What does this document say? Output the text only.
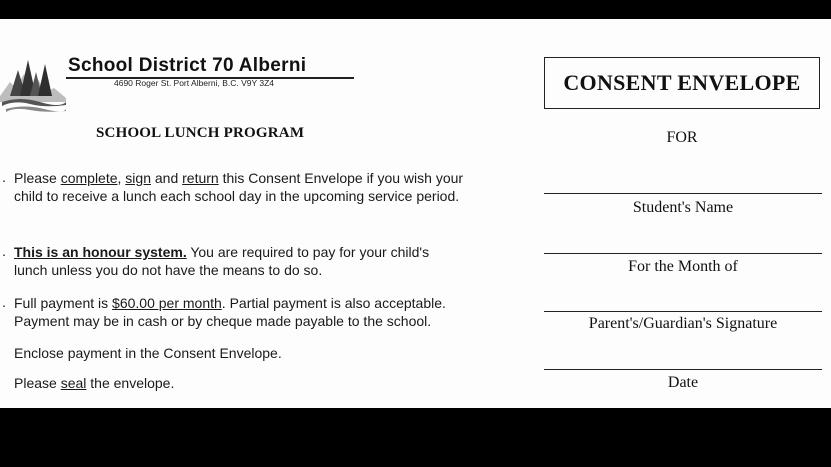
School District 70 Alberni
4690 Roger St. Port Alberni, B.C. V9Y 3Z4
SCHOOL LUNCH PROGRAM
. Please complete, sign and return this Consent Envelope if you wish your child to receive a lunch each school day in the upcoming service period.
. This is an honour system. You are required to pay for your child's lunch unless you do not have the means to do so.
. Full payment is $60.00 per month. Partial payment is also acceptable. Payment may be in cash or by cheque made payable to the school.
Enclose payment in the Consent Envelope.
Please seal the envelope.
CONSENT ENVELOPE
FOR
Student's Name
For the Month of
Parent's/Guardian's Signature
Date
